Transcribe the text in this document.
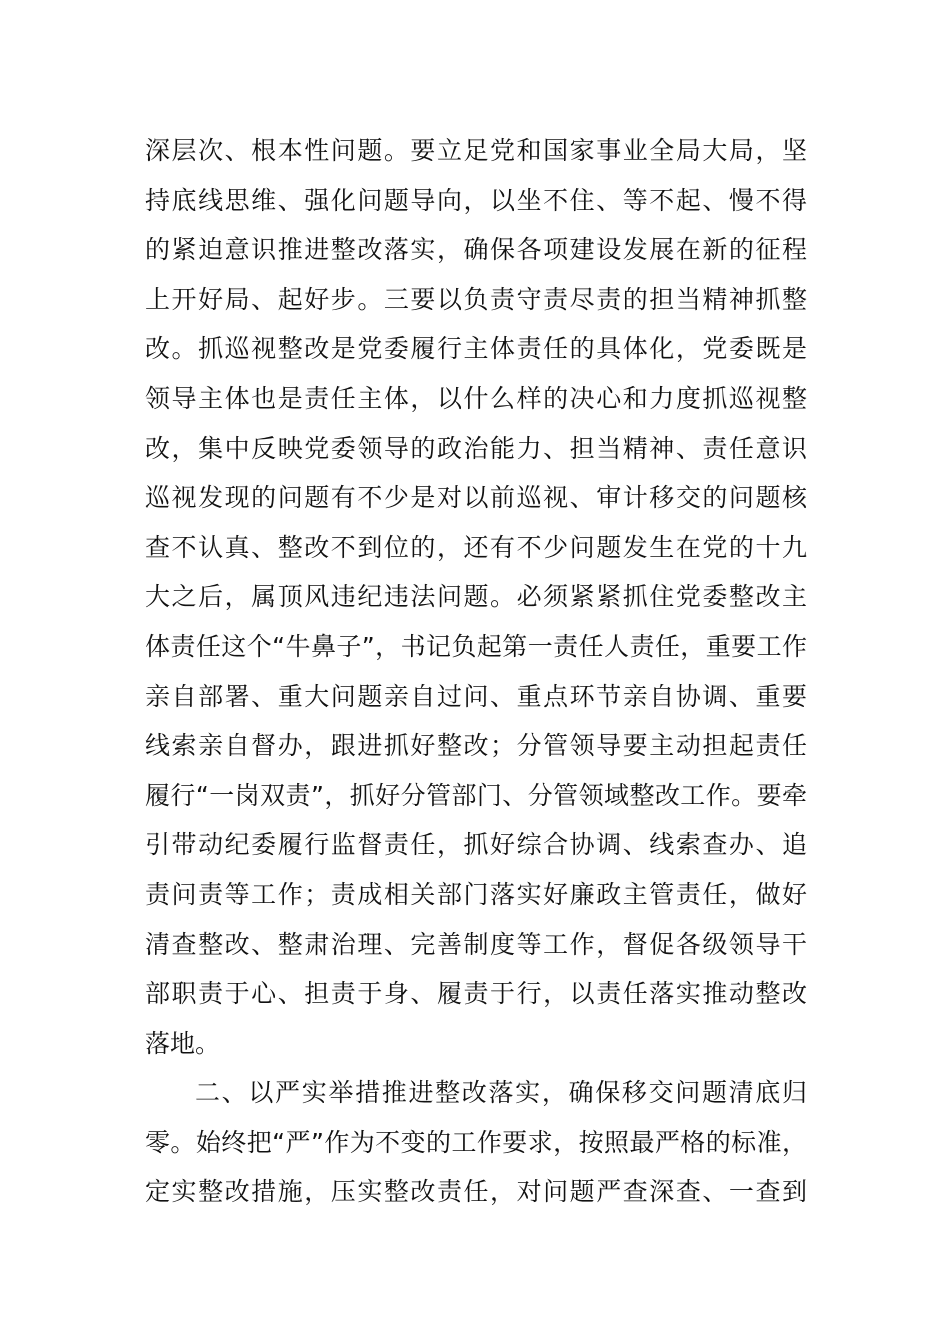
深层次、根本性问题。要立足党和国家事业全局大局，坚
持底线思维、强化问题导向，以坐不住、等不起、慢不得
的紧迫意识推进整改落实，确保各项建设发展在新的征程
上开好局、起好步。三要以负责守责尽责的担当精神抓整
改。抓巡视整改是党委履行主体责任的具体化，党委既是
领导主体也是责任主体，以什么样的决心和力度抓巡视整
改，集中反映党委领导的政治能力、担当精神、责任意识
巡视发现的问题有不少是对以前巡视、审计移交的问题核
查不认真、整改不到位的，还有不少问题发生在党的十九
大之后，属顶风违纪违法问题。必须紧紧抓住党委整改主
体责任这个“牛鼻子”，书记负起第一责任人责任，重要工作
亲自部署、重大问题亲自过问、重点环节亲自协调、重要
线索亲自督办，跟进抓好整改；分管领导要主动担起责任
履行“一岗双责”，抓好分管部门、分管领域整改工作。要牵
引带动纪委履行监督责任，抓好综合协调、线索查办、追
责问责等工作；责成相关部门落实好廉政主管责任，做好
清查整改、整肃治理、完善制度等工作，督促各级领导干
部职责于心、担责于身、履责于行，以责任落实推动整改
落地。
二、以严实举措推进整改落实，确保移交问题清底归
零。始终把“严”作为不变的工作要求，按照最严格的标准，
定实整改措施，压实整改责任，对问题严查深查、一查到
